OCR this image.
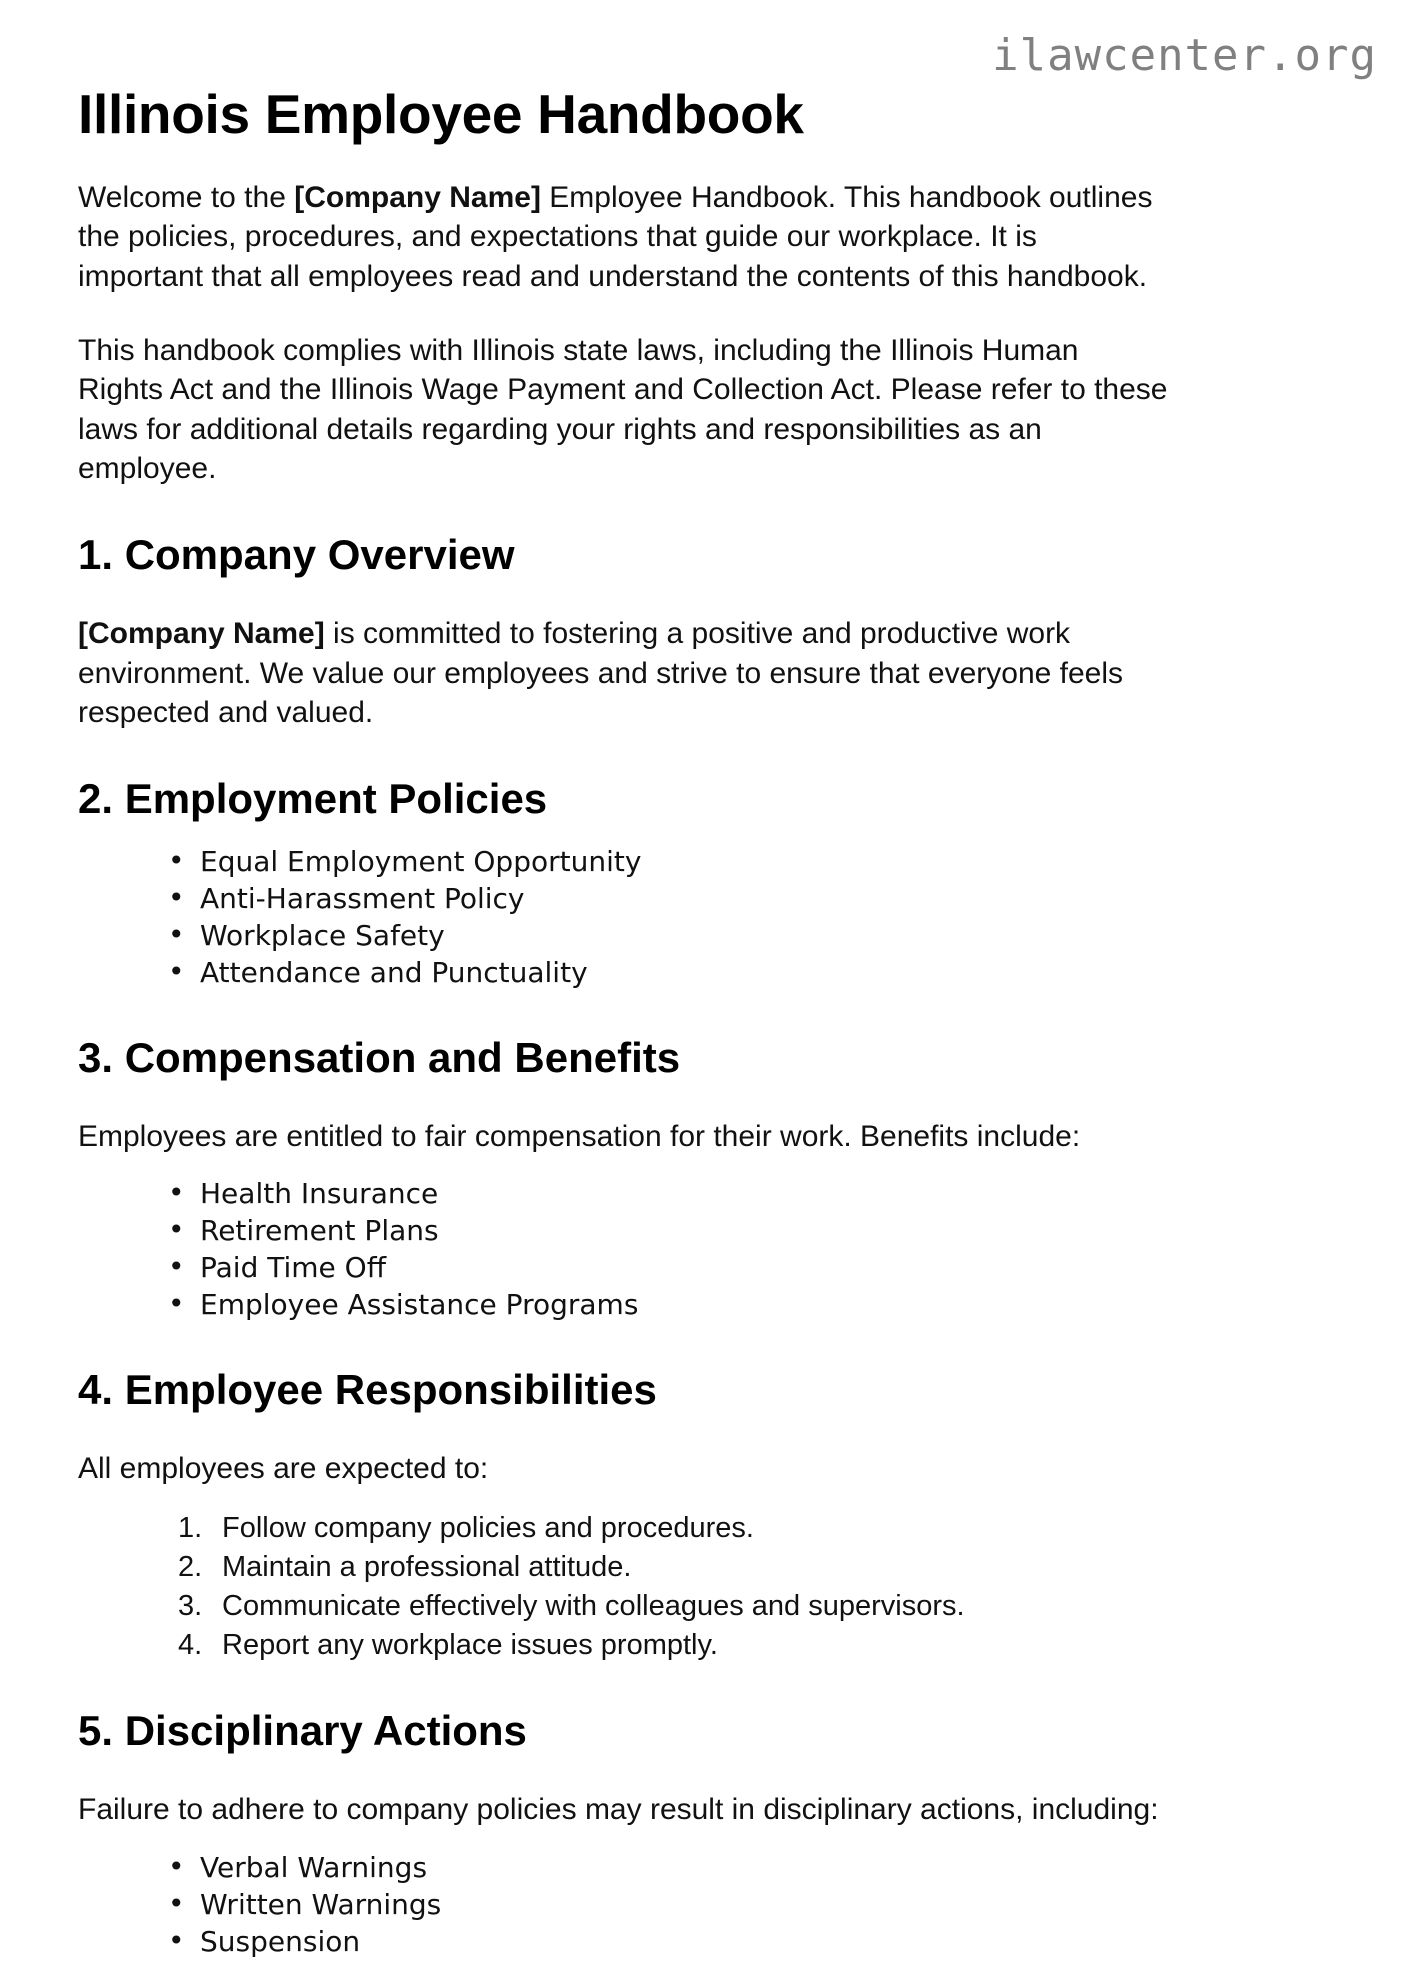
ilawcenter.org
Illinois Employee Handbook

Welcome to the [Company Name] Employee Handbook. This handbook outlines the policies, procedures, and expectations that guide our workplace. It is important that all employees read and understand the contents of this handbook.

This handbook complies with Illinois state laws, including the Illinois Human Rights Act and the Illinois Wage Payment and Collection Act. Please refer to these laws for additional details regarding your rights and responsibilities as an employee.

1. Company Overview

[Company Name] is committed to fostering a positive and productive work environment. We value our employees and strive to ensure that everyone feels respected and valued.

2. Employment Policies
• Equal Employment Opportunity
• Anti-Harassment Policy
• Workplace Safety
• Attendance and Punctuality
3. Compensation and Benefits

Employees are entitled to fair compensation for their work. Benefits include:

• Health Insurance
• Retirement Plans
• Paid Time Off
• Employee Assistance Programs
4. Employee Responsibilities

All employees are expected to:

Follow company policies and procedures.
Maintain a professional attitude.
Communicate effectively with colleagues and supervisors.
Report any workplace issues promptly.
5. Disciplinary Actions

Failure to adhere to company policies may result in disciplinary actions, including:

• Verbal Warnings
• Written Warnings
• Suspension
